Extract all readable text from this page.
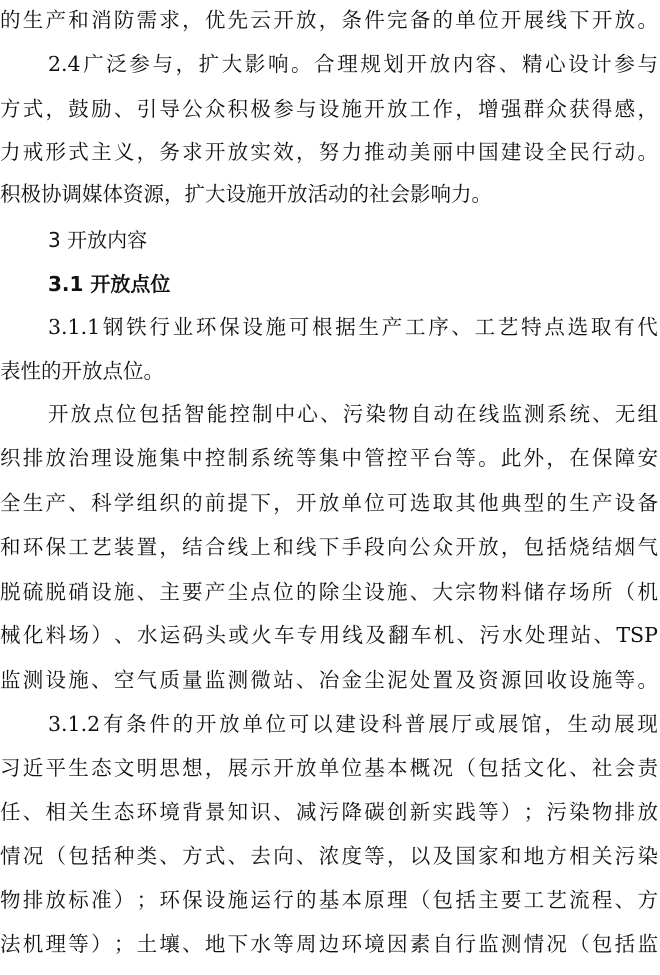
的 生 产 和 消 防 需 求 ， 优 先 云 开 放 ， 条 件 完 备 的 单 位 开 展 线 下 开 放 。
2.4 广 泛 参 与 ， 扩 大 影 响 。 合 理 规 划 开 放 内 容 、 精 心 设 计 参 与
方 式 ， 鼓 励 、 引 导 公 众 积 极 参 与 设 施 开 放 工 作 ， 增 强 群 众 获 得 感 ，
力 戒 形 式 主 义 ， 务 求 开 放 实 效 ， 努 力 推 动 美 丽 中 国 建 设 全 民 行 动 。
积极协调媒体资源，扩大设施开放活动的社会影响力。
3 开放内容
3.1 开放点位
3.1.1 钢 铁 行 业 环 保 设 施 可 根 据 生 产 工 序 、 工 艺 特 点 选 取 有 代
表性的开放点位。
开 放 点 位 包 括 智 能 控 制 中 心 、 污 染 物 自 动 在 线 监 测 系 统 、 无 组
织 排 放 治 理 设 施 集 中 控 制 系 统 等 集 中 管 控 平 台 等 。 此 外 ， 在 保 障 安
全 生 产 、 科 学 组 织 的 前 提 下 ， 开 放 单 位 可 选 取 其 他 典 型 的 生 产 设 备
和 环 保 工 艺 装 置 ， 结 合 线 上 和 线 下 手 段 向 公 众 开 放 ， 包 括 烧 结 烟 气
脱 硫 脱 硝 设 施 、 主 要 产 尘 点 位 的 除 尘 设 施 、 大 宗 物 料 储 存 场 所 （ 机
械 化 料 场 ） 、 水 运 码 头 或 火 车 专 用 线 及 翻 车 机 、 污 水 处 理 站 、 TSP
监 测 设 施 、 空 气 质 量 监 测 微 站 、 冶 金 尘 泥 处 置 及 资 源 回 收 设 施 等 。
3.1.2 有 条 件 的 开 放 单 位 可 以 建 设 科 普 展 厅 或 展 馆 ， 生 动 展 现
习 近 平 生 态 文 明 思 想 ， 展 示 开 放 单 位 基 本 概 况 （ 包 括 文 化 、 社 会 责
任 、 相 关 生 态 环 境 背 景 知 识 、 减 污 降 碳 创 新 实 践 等 ） ； 污 染 物 排 放
情 况 （ 包 括 种 类 、 方 式 、 去 向 、 浓 度 等 ， 以 及 国 家 和 地 方 相 关 污 染
物 排 放 标 准 ） ； 环 保 设 施 运 行 的 基 本 原 理 （ 包 括 主 要 工 艺 流 程 、 方
法 机 理 等 ） ； 土 壤 、 地 下 水 等 周 边 环 境 因 素 自 行 监 测 情 况 （ 包 括 监
